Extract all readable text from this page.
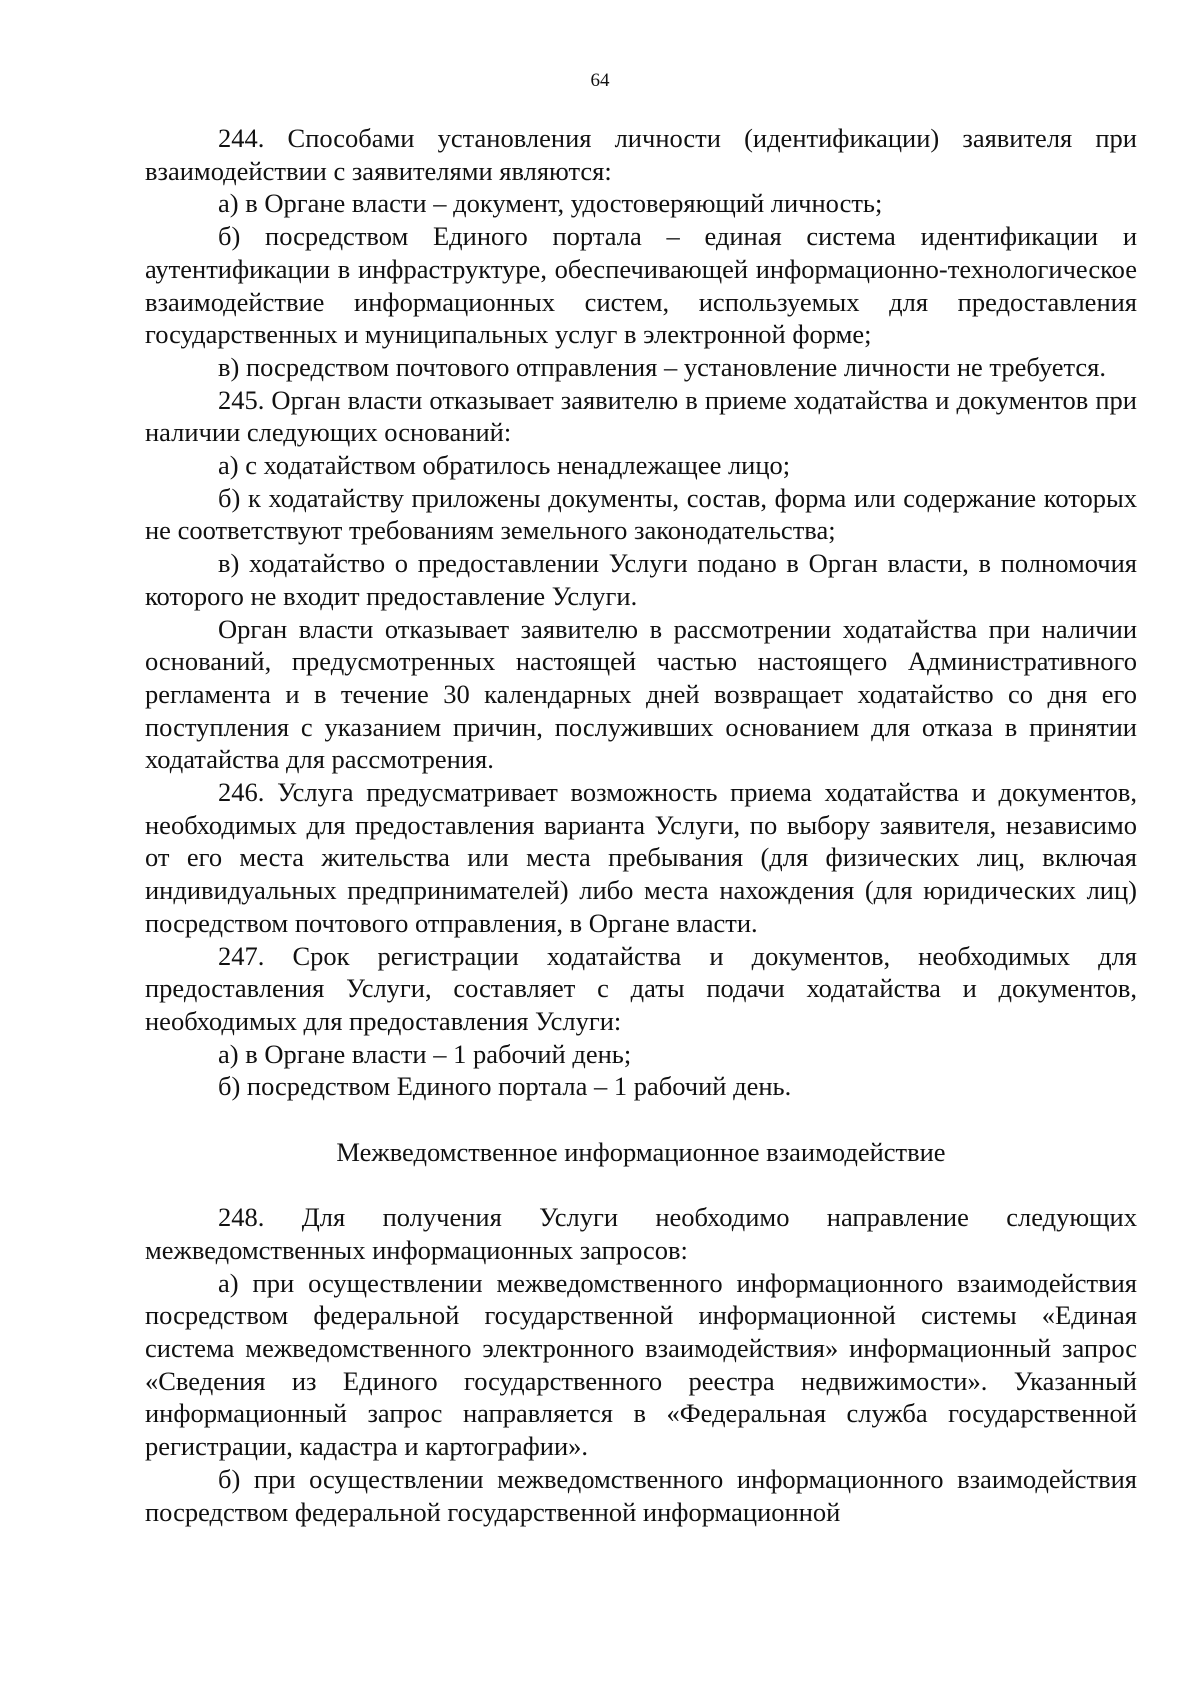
64

244. Способами установления личности (идентификации) заявителя при взаимодействии с заявителями являются:

а) в Органе власти – документ, удостоверяющий личность;

б) посредством Единого портала – единая система идентификации и аутентификации в инфраструктуре, обеспечивающей информационно-технологическое взаимодействие информационных систем, используемых для предоставления государственных и муниципальных услуг в электронной форме;

в) посредством почтового отправления – установление личности не требуется.

245. Орган власти отказывает заявителю в приеме ходатайства и документов при наличии следующих оснований:

а) с ходатайством обратилось ненадлежащее лицо;

б) к ходатайству приложены документы, состав, форма или содержание которых не соответствуют требованиям земельного законодательства;

в) ходатайство о предоставлении Услуги подано в Орган власти, в полномочия которого не входит предоставление Услуги.

Орган власти отказывает заявителю в рассмотрении ходатайства при наличии оснований, предусмотренных настоящей частью настоящего Административного регламента и в течение 30 календарных дней возвращает ходатайство со дня его поступления с указанием причин, послуживших основанием для отказа в принятии ходатайства для рассмотрения.

246. Услуга предусматривает возможность приема ходатайства и документов, необходимых для предоставления варианта Услуги, по выбору заявителя, независимо от его места жительства или места пребывания (для физических лиц, включая индивидуальных предпринимателей) либо места нахождения (для юридических лиц) посредством почтового отправления, в Органе власти.

247. Срок регистрации ходатайства и документов, необходимых для предоставления Услуги, составляет с даты подачи ходатайства и документов, необходимых для предоставления Услуги:

а) в Органе власти – 1 рабочий день;

б) посредством Единого портала – 1 рабочий день.

Межведомственное информационное взаимодействие

248. Для получения Услуги необходимо направление следующих межведомственных информационных запросов:

а) при осуществлении межведомственного информационного взаимодействия посредством федеральной государственной информационной системы «Единая система межведомственного электронного взаимодействия» информационный запрос «Сведения из Единого государственного реестра недвижимости». Указанный информационный запрос направляется в «Федеральная служба государственной регистрации, кадастра и картографии».

б) при осуществлении межведомственного информационного взаимодействия посредством федеральной государственной информационной
